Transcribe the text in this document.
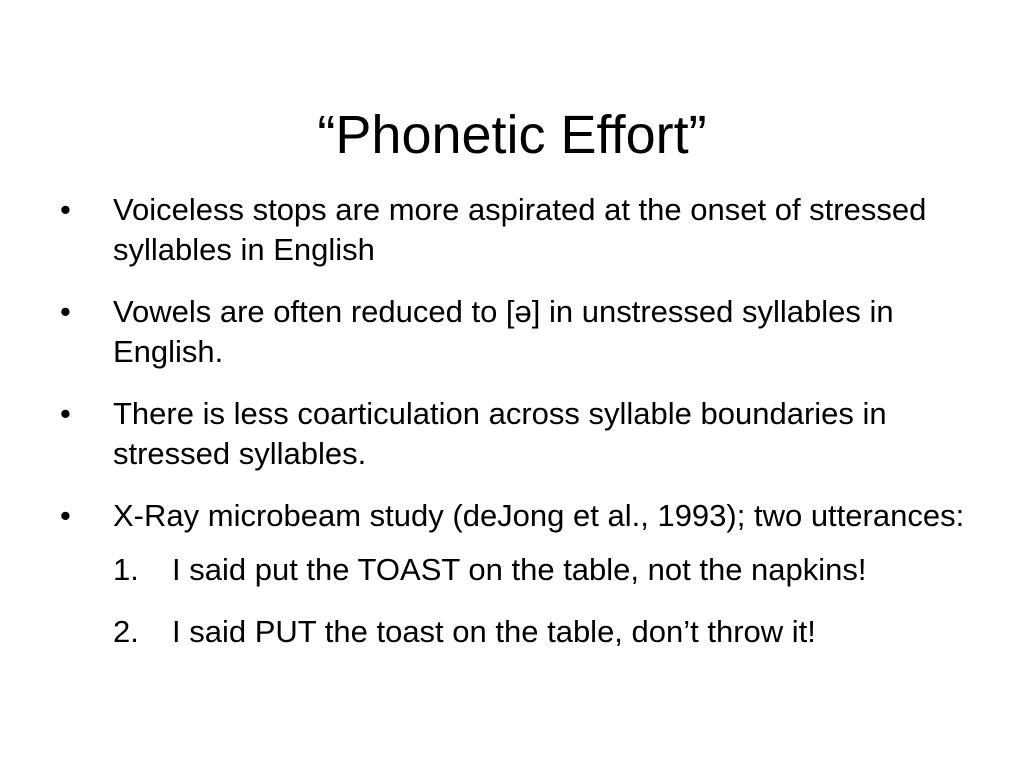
“Phonetic Effort”
• Voiceless stops are more aspirated at the onset of stressed syllables in English
• Vowels are often reduced to [ə] in unstressed syllables in English.
• There is less coarticulation across syllable boundaries in stressed syllables.
• X-Ray microbeam study (deJong et al., 1993); two utterances:
1.	I said put the TOAST on the table, not the napkins!
2.	I said PUT the toast on the table, don’t throw it!
